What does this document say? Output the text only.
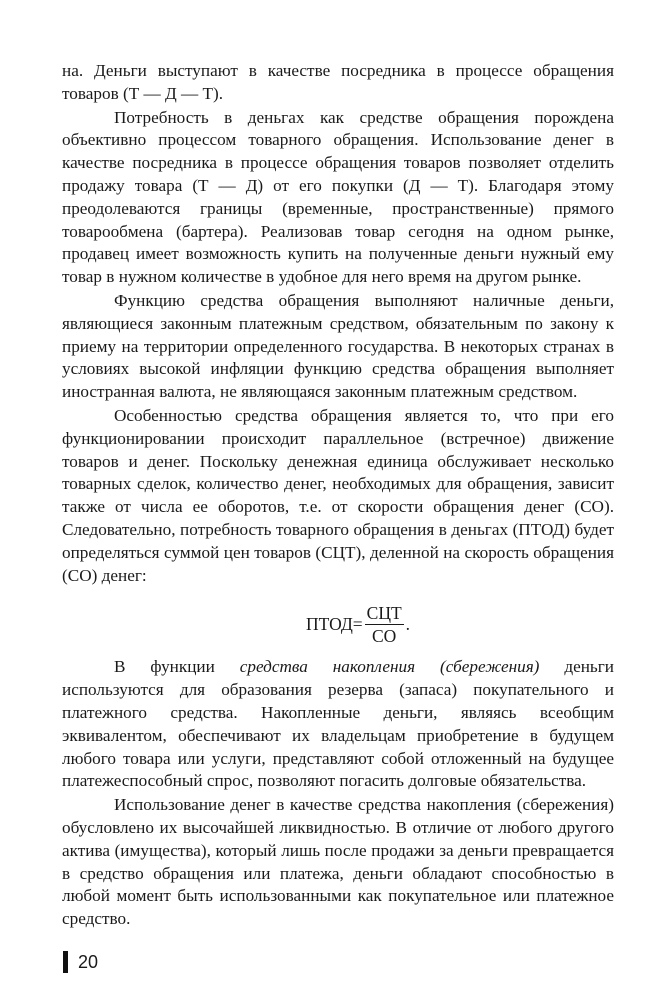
на. Деньги выступают в качестве посредника в процессе обращения товаров (Т — Д — Т).

Потребность в деньгах как средстве обращения порождена объективно процессом товарного обращения. Использование денег в качестве посредника в процессе обращения товаров позволяет отделить продажу товара (Т — Д) от его покупки (Д — Т). Благодаря этому преодолеваются границы (временные, пространственные) прямого товарообмена (бартера). Реализовав товар сегодня на одном рынке, продавец имеет возможность купить на полученные деньги нужный ему товар в нужном количестве в удобное для него время на другом рынке.

Функцию средства обращения выполняют наличные деньги, являющиеся законным платежным средством, обязательным по закону к приему на территории определенного государства. В некоторых странах в условиях высокой инфляции функцию средства обращения выполняет иностранная валюта, не являющаяся законным платежным средством.

Особенностью средства обращения является то, что при его функционировании происходит параллельное (встречное) движение товаров и денег. Поскольку денежная единица обслуживает несколько товарных сделок, количество денег, необходимых для обращения, зависит также от числа ее оборотов, т.е. от скорости обращения денег (СО). Следовательно, потребность товарного обращения в деньгах (ПТОД) будет определяться суммой цен товаров (СЦТ), деленной на скорость обращения (СО) денег:

ПТОД = $\frac{\text{СЦТ}}{СО}$ .

В функции средства накопления (сбережения) деньги используются для образования резерва (запаса) покупательного и платежного средства. Накопленные деньги, являясь всеобщим эквивалентом, обеспечивают их владельцам приобретение в будущем любого товара или услуги, представляют собой отложенный на будущее платежеспособный спрос, позволяют погасить долговые обязательства.

Использование денег в качестве средства накопления (сбережения) обусловлено их высочайшей ликвидностью. В отличие от любого другого актива (имущества), который лишь после продажи за деньги превращается в средство обращения или платежа, деньги обладают способностью в любой момент быть использованными как покупательное или платежное средство.

20
